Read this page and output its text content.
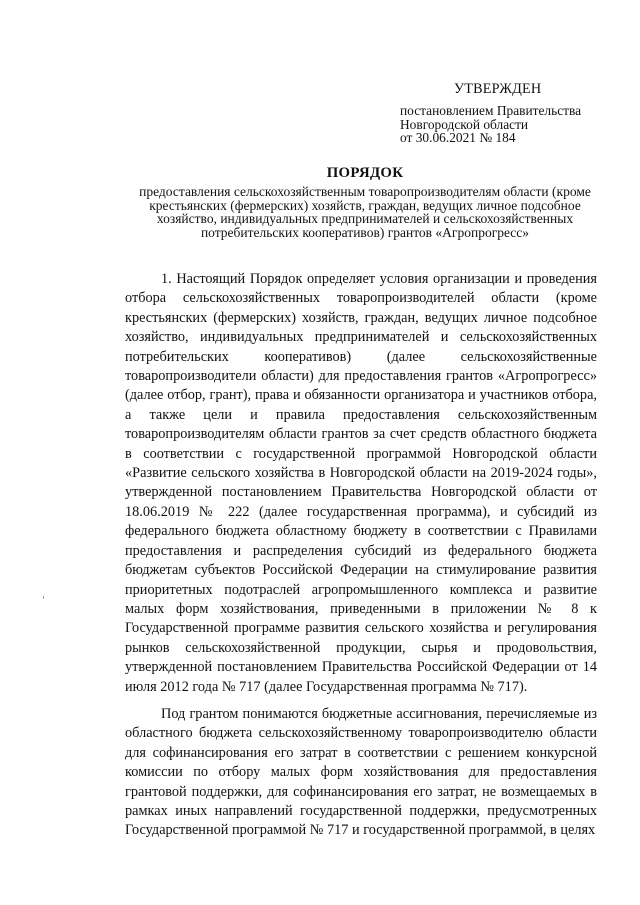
УТВЕРЖДЕН
постановлением Правительства
Новгородской области
от 30.06.2021 № 184
ПОРЯДОК
предоставления сельскохозяйственным товаропроизводителям области (кроме крестьянских (фермерских) хозяйств, граждан, ведущих личное подсобное хозяйство, индивидуальных предпринимателей и сельскохозяйственных потребительских кооперативов) грантов «Агропрогресс»

1. Настоящий Порядок определяет условия организации и проведения отбора сельскохозяйственных товаропроизводителей области (кроме крестьянских (фермерских) хозяйств, граждан, ведущих личное подсобное хозяйство, индивидуальных предпринимателей и сельскохозяйственных потребительских кооперативов) (далее сельскохозяйственные товаропроизводители области) для предоставления грантов «Агропрогресс» (далее отбор, грант), права и обязанности организатора и участников отбора, а также цели и правила предоставления сельскохозяйственным товаропроизводителям области грантов за счет средств областного бюджета в соответствии с государственной программой Новгородской области «Развитие сельского хозяйства в Новгородской области на 2019-2024 годы», утвержденной постановлением Правительства Новгородской области от 18.06.2019 № 222 (далее государственная программа), и субсидий из федерального бюджета областному бюджету в соответствии с Правилами предоставления и распределения субсидий из федерального бюджета бюджетам субъектов Российской Федерации на стимулирование развития приоритетных подотраслей агропромышленного комплекса и развитие малых форм хозяйствования, приведенными в приложении № 8 к Государственной программе развития сельского хозяйства и регулирования рынков сельскохозяйственной продукции, сырья и продовольствия, утвержденной постановлением Правительства Российской Федерации от 14 июля 2012 года № 717 (далее Государственная программа № 717).

Под грантом понимаются бюджетные ассигнования, перечисляемые из областного бюджета сельскохозяйственному товаропроизводителю области для софинансирования его затрат в соответствии с решением конкурсной комиссии по отбору малых форм хозяйствования для предоставления грантовой поддержки, для софинансирования его затрат, не возмещаемых в рамках иных направлений государственной поддержки, предусмотренных Государственной программой № 717 и государственной программой, в целях
